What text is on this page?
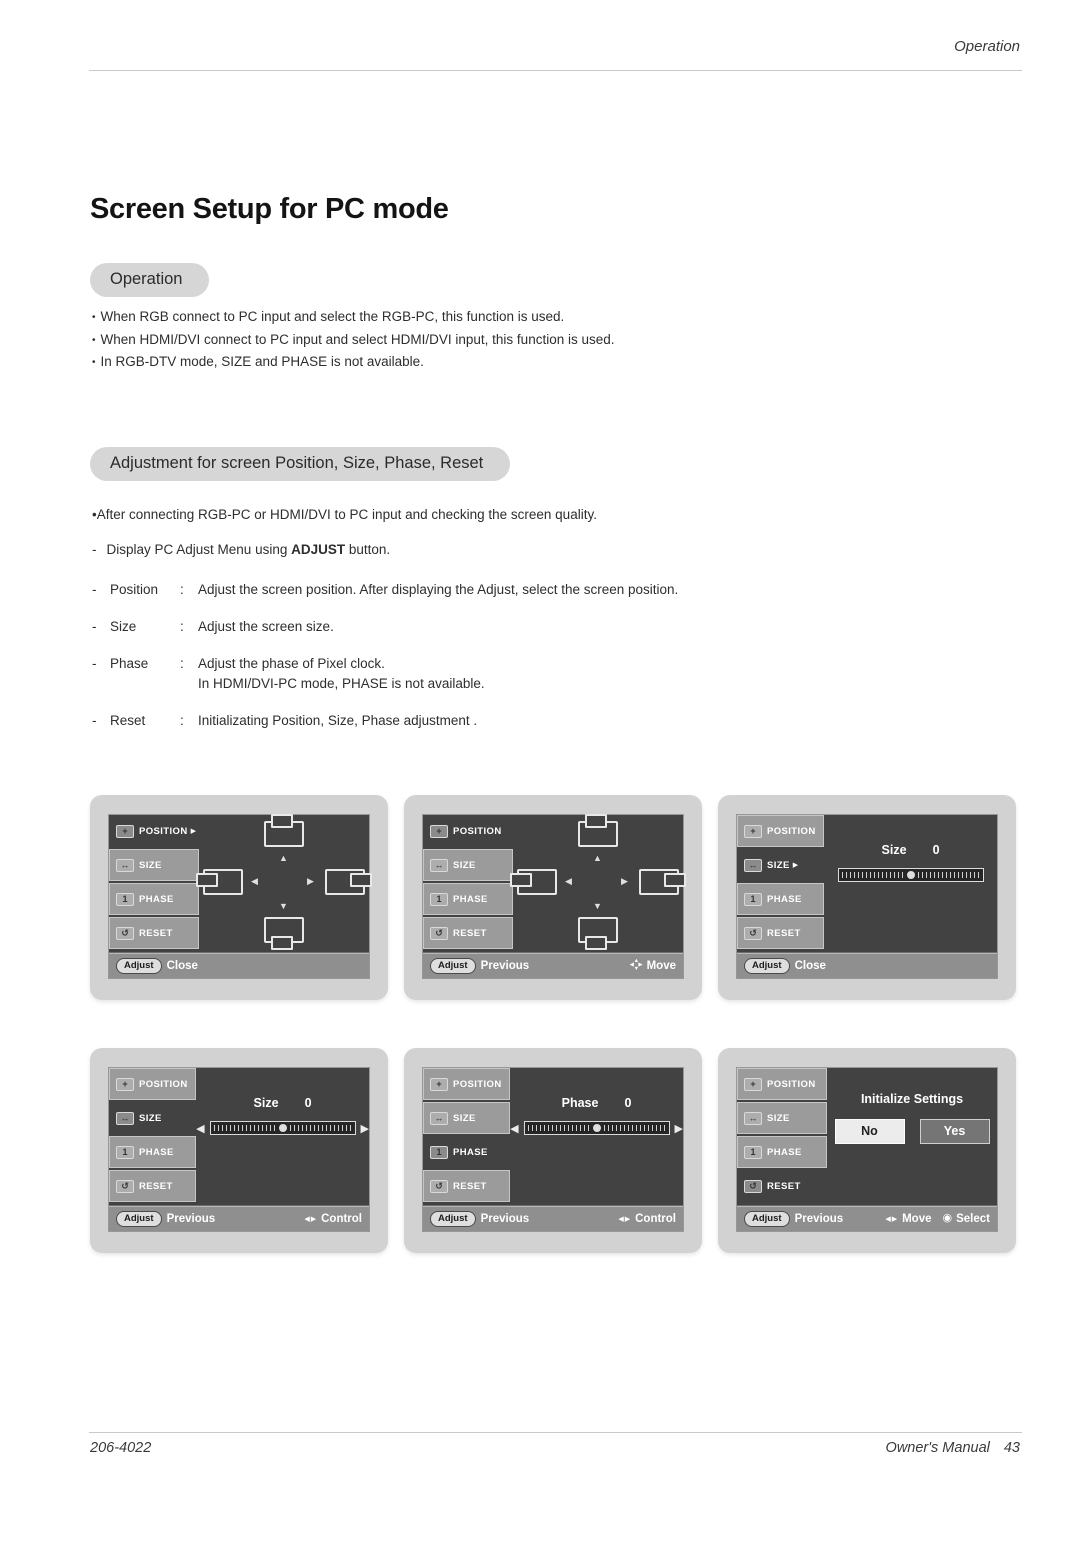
Operation
Screen Setup for PC mode
Operation
• When RGB connect to PC input and select the RGB-PC, this function is used.
• When HDMI/DVI connect to PC input and select HDMI/DVI input, this function is used.
• In RGB-DTV mode, SIZE and PHASE is not available.
Adjustment for screen Position, Size, Phase, Reset
•After connecting RGB-PC or HDMI/DVI to PC input and checking the screen quality.
- Display PC Adjust Menu using ADJUST button.
-	Position	:	Adjust the screen position. After displaying the Adjust, select the screen position.
-	Size	:	Adjust the screen size.
-	Phase	:	Adjust the phase of Pixel clock.
In HDMI/DVI-PC mode, PHASE is not available.
-	Reset	:	Initializating Position, Size, Phase adjustment .
+	POSITION ▶
↔	SIZE
1	PHASE
↺	RESET
▲
◀	▶
▼
Adjust	Close
+	POSITION
↔	SIZE
1	PHASE
↺	RESET
▲
◀	▶
▼
Adjust	Previous	▲
▼
◀ ▶ Move
+	POSITION
↔	SIZE ▶
1	PHASE
↺	RESET
Size 0
Adjust	Close
+	POSITION
↔	SIZE
1	PHASE
↺	RESET
Size 0
◀	▶
Adjust	Previous	◀▶ Control
+	POSITION
↔	SIZE
1	PHASE
↺	RESET
Phase 0
◀	▶
Adjust	Previous	◀▶ Control
+	POSITION
↔	SIZE
1	PHASE
↺	RESET
Initialize Settings
No	Yes
Adjust	Previous	◀▶ Move ◉ Select
206-4022	Owner's Manual 43
